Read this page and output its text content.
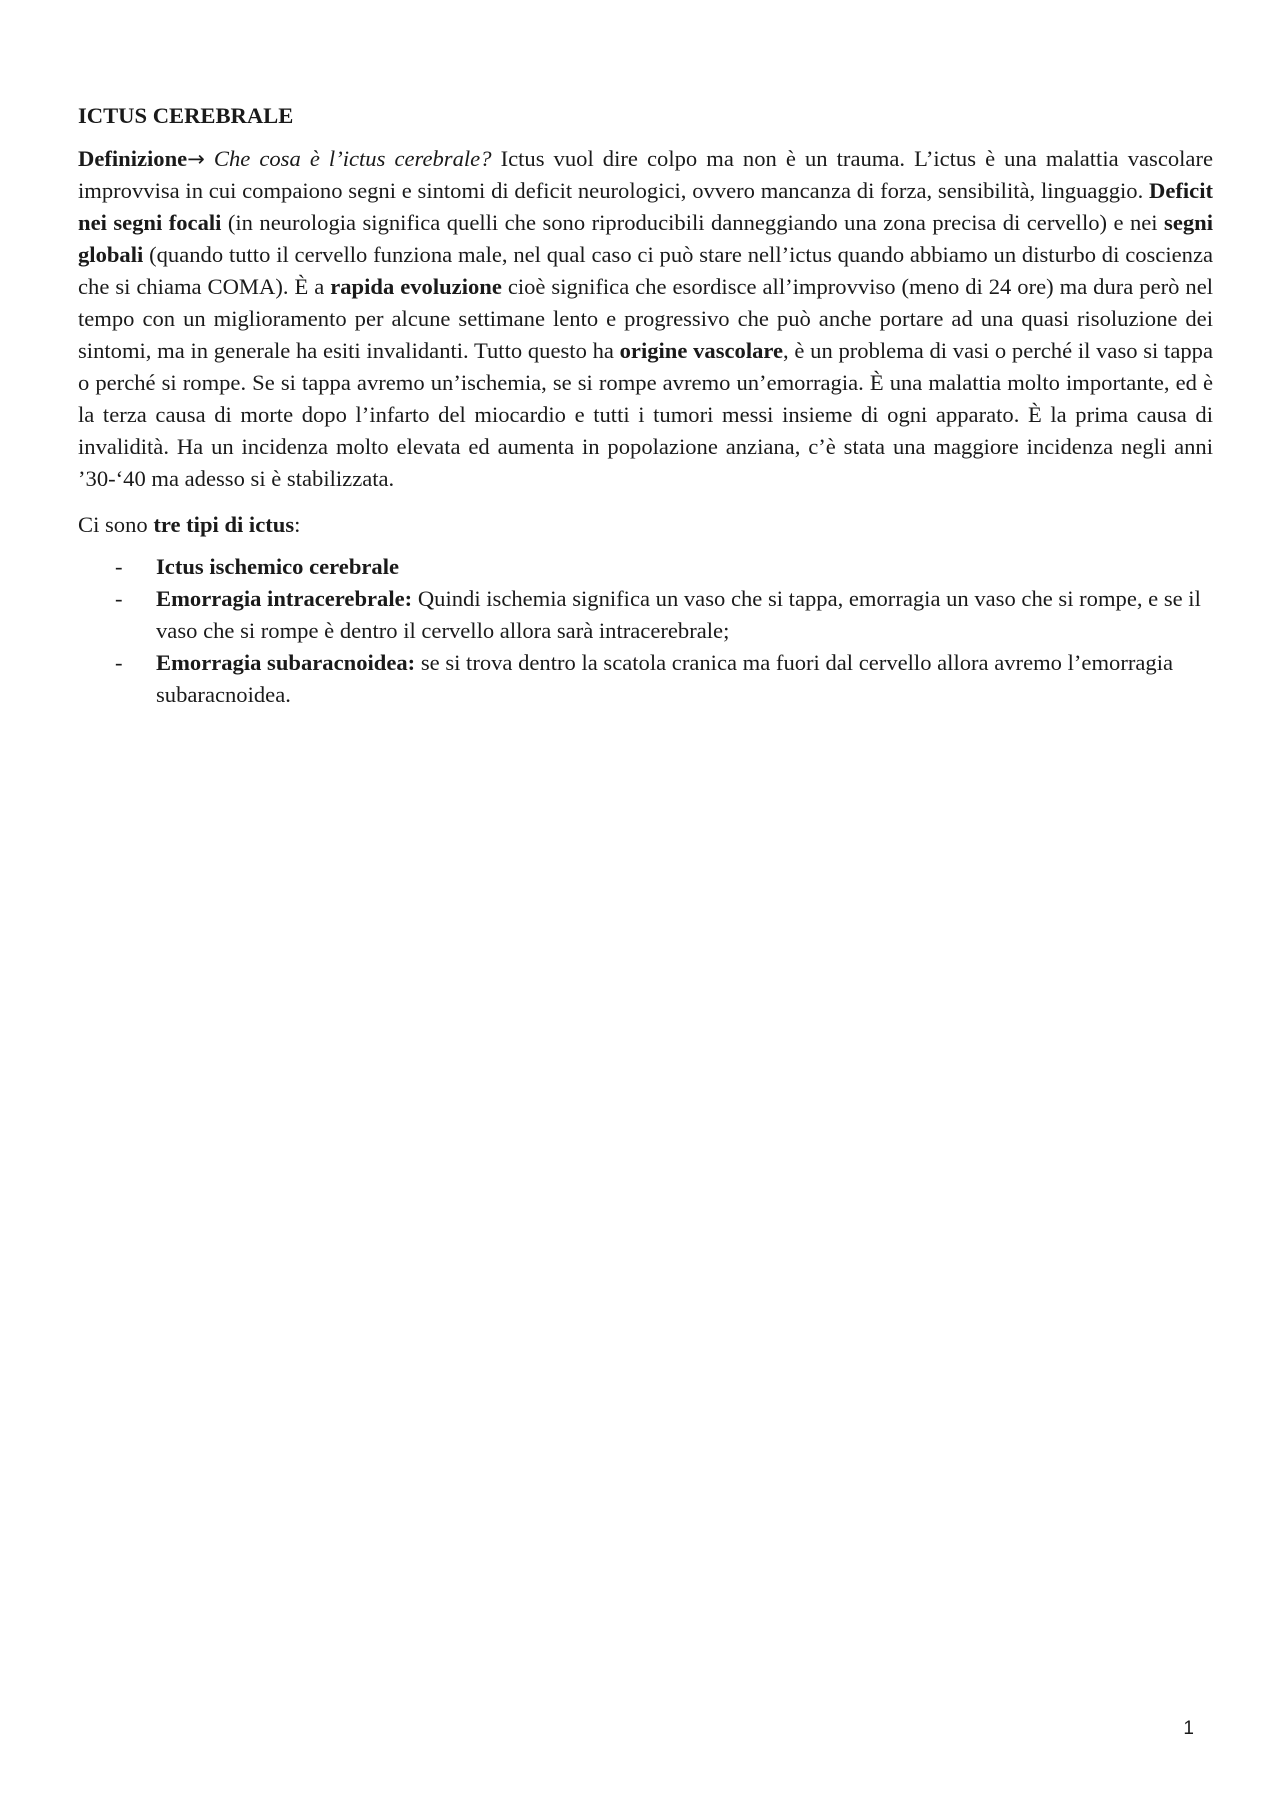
ICTUS CEREBRALE

Definizione→ Che cosa è l’ictus cerebrale? Ictus vuol dire colpo ma non è un trauma. L’ictus è una malattia vascolare improvvisa in cui compaiono segni e sintomi di deficit neurologici, ovvero mancanza di forza, sensibilità, linguaggio. Deficit nei segni focali (in neurologia significa quelli che sono riproducibili danneggiando una zona precisa di cervello) e nei segni globali (quando tutto il cervello funziona male, nel qual caso ci può stare nell’ictus quando abbiamo un disturbo di coscienza che si chiama COMA). È a rapida evoluzione cioè significa che esordisce all’improvviso (meno di 24 ore) ma dura però nel tempo con un miglioramento per alcune settimane lento e progressivo che può anche portare ad una quasi risoluzione dei sintomi, ma in generale ha esiti invalidanti. Tutto questo ha origine vascolare, è un problema di vasi o perché il vaso si tappa o perché si rompe. Se si tappa avremo un’ischemia, se si rompe avremo un’emorragia. È una malattia molto importante, ed è la terza causa di morte dopo l’infarto del miocardio e tutti i tumori messi insieme di ogni apparato. È la prima causa di invalidità. Ha un incidenza molto elevata ed aumenta in popolazione anziana, c’è stata una maggiore incidenza negli anni ’30-‘40 ma adesso si è stabilizzata.

Ci sono tre tipi di ictus:

- Ictus ischemico cerebrale
- Emorragia intracerebrale: Quindi ischemia significa un vaso che si tappa, emorragia un vaso che si rompe, e se il vaso che si rompe è dentro il cervello allora sarà intracerebrale;
- Emorragia subaracnoidea: se si trova dentro la scatola cranica ma fuori dal cervello allora avremo l’emorragia subaracnoidea.
1
